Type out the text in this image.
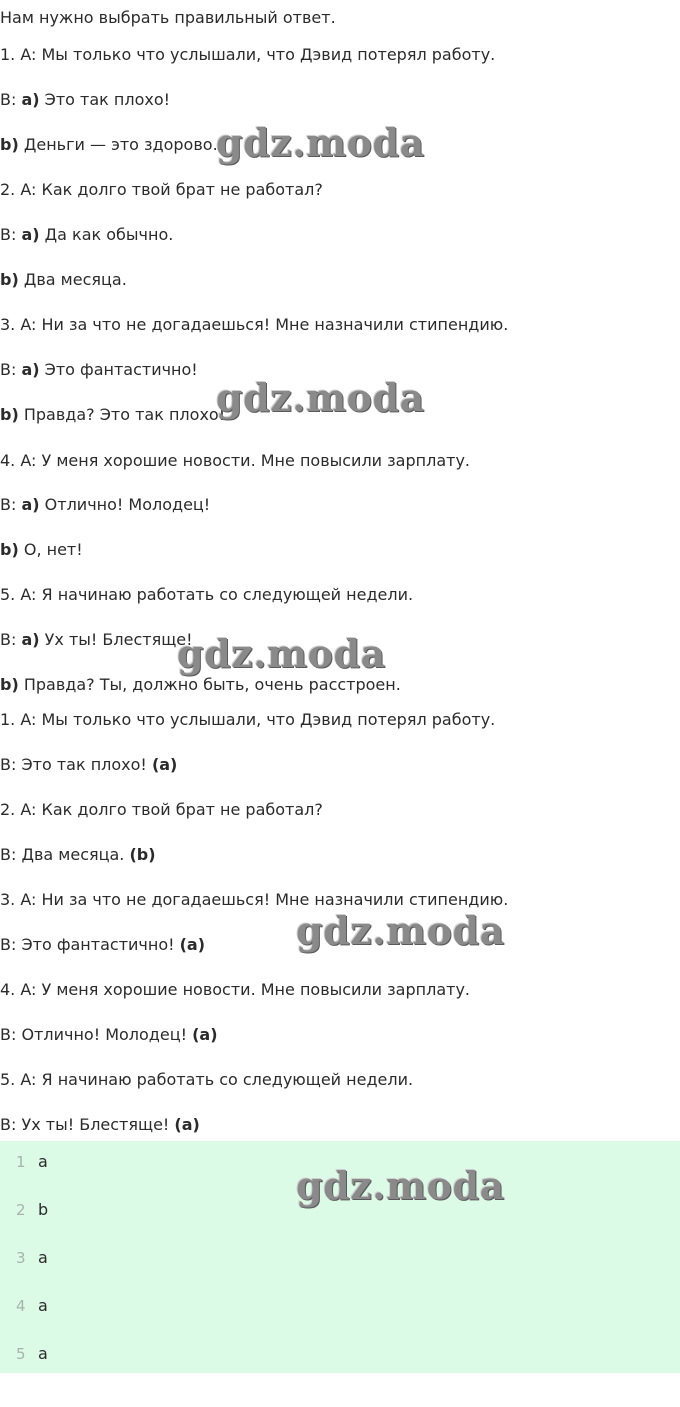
Нам нужно выбрать правильный ответ.
1. A: Мы только что услышали, что Дэвид потерял работу.
B: a) Это так плохо!
b) Деньги — это здорово.
2. A: Как долго твой брат не работал?
B: a) Да как обычно.
b) Два месяца.
3. A: Ни за что не догадаешься! Мне назначили стипендию.
B: a) Это фантастично!
b) Правда? Это так плохо!
4. A: У меня хорошие новости. Мне повысили зарплату.
B: a) Отлично! Молодец!
b) О, нет!
5. A: Я начинаю работать со следующей недели.
B: a) Ух ты! Блестяще!
b) Правда? Ты, должно быть, очень расстроен.
1. A: Мы только что услышали, что Дэвид потерял работу.
B: Это так плохо! (a)
2. A: Как долго твой брат не работал?
B: Два месяца. (b)
3. A: Ни за что не догадаешься! Мне назначили стипендию.
B: Это фантастично! (a)
4. A: У меня хорошие новости. Мне повысили зарплату.
B: Отлично! Молодец! (a)
5. A: Я начинаю работать со следующей недели.
B: Ух ты! Блестяще! (a)
1 a
2 b
3 a
4 a
5 a
gdz.moda
gdz.moda
gdz.moda
gdz.moda
gdz.moda
